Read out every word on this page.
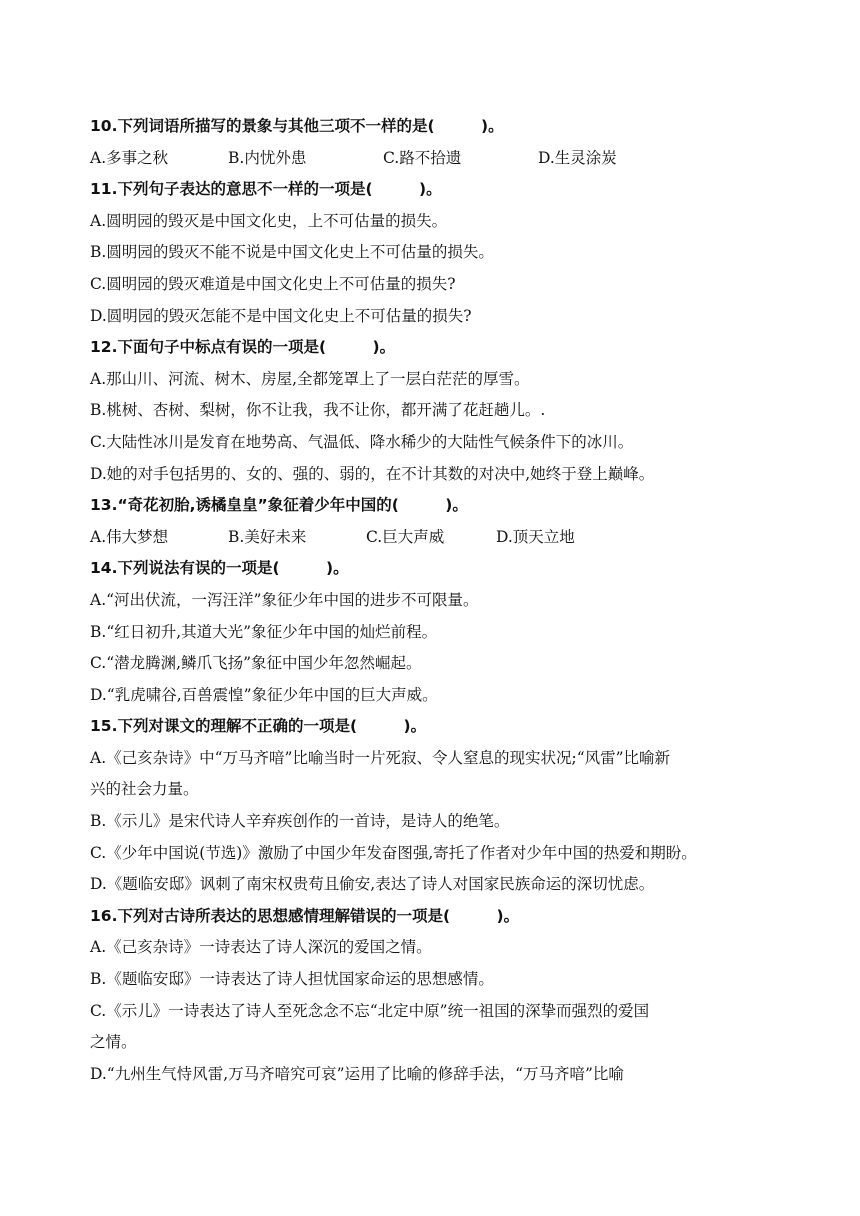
10.下列词语所描写的景象与其他三项不一样的是(　　　)。
A.多事之秋	B.内忧外患	C.路不拾遗	D.生灵涂炭
11.下列句子表达的意思不一样的一项是(　　　)。
A.圆明园的毁灭是中国文化史，上不可估量的损失。
B.圆明园的毁灭不能不说是中国文化史上不可估量的损失。
C.圆明园的毁灭难道是中国文化史上不可估量的损失?
D.圆明园的毁灭怎能不是中国文化史上不可估量的损失?
12.下面句子中标点有误的一项是(　　　)。
A.那山川、河流、树木、房屋,全都笼罩上了一层白茫茫的厚雪。
B.桃树、杏树、梨树，你不让我，我不让你，都开满了花赶趟儿。.
C.大陆性冰川是发育在地势高、气温低、降水稀少的大陆性气候条件下的冰川。
D.她的对手包括男的、女的、强的、弱的，在不计其数的对决中,她终于登上巅峰。
13.“奇花初胎,诱橘皇皇”象征着少年中国的(　　　)。
A.伟大梦想	B.美好未来	C.巨大声威	D.顶天立地
14.下列说法有误的一项是(　　　)。
A.“河出伏流，一泻汪洋”象征少年中国的进步不可限量。
B.“红日初升,其道大光”象征少年中国的灿烂前程。
C.“潜龙腾渊,鳞爪飞扬”象征中国少年忽然崛起。
D.“乳虎啸谷,百兽震惶”象征少年中国的巨大声威。
15.下列对课文的理解不正确的一项是(　　　)。
A.《己亥杂诗》中“万马齐喑”比喻当时一片死寂、令人窒息的现实状况;“风雷”比喻新
兴的社会力量。
B.《示儿》是宋代诗人辛弃疾创作的一首诗，是诗人的绝笔。
C.《少年中国说(节选)》激励了中国少年发奋图强,寄托了作者对少年中国的热爱和期盼。
D.《题临安邸》讽刺了南宋权贵苟且偷安,表达了诗人对国家民族命运的深切忧虑。
16.下列对古诗所表达的思想感情理解错误的一项是(　　　)。
A.《己亥杂诗》一诗表达了诗人深沉的爱国之情。
B.《题临安邸》一诗表达了诗人担忧国家命运的思想感情。
C.《示儿》一诗表达了诗人至死念念不忘“北定中原”统一祖国的深挚而强烈的爱国
之情。
D.“九州生气恃风雷,万马齐喑究可哀”运用了比喻的修辞手法，“万马齐喑”比喻
